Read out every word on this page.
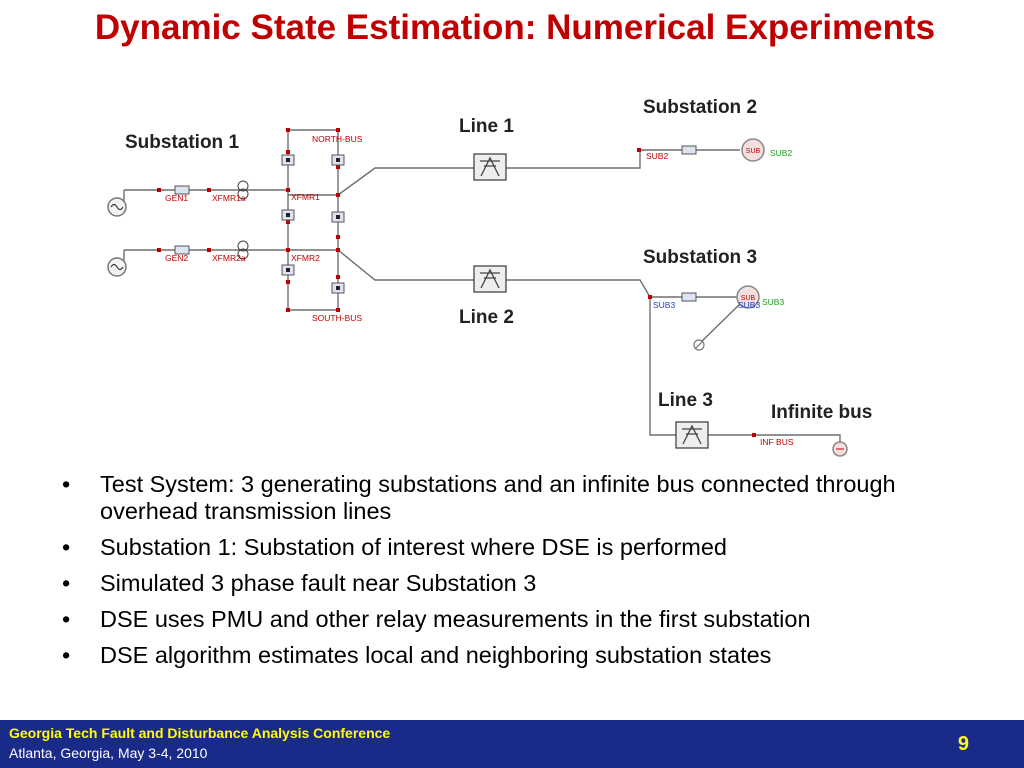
Dynamic State Estimation: Numerical Experiments
SUB
SUB
Substation 1
Substation 2
Substation 3
Line 1
Line 2
Line 3
Infinite bus
NORTH-BUS
SOUTH-BUS
GEN1
GEN2
XFMR1a
XFMR2a
XFMR1
XFMR2
SUB2	SUB2
SUB3	SUB3 SUB3
INF BUS
• Test System: 3 generating substations and an infinite bus connected through overhead transmission lines
• Substation 1: Substation of interest where DSE is performed
• Simulated 3 phase fault near Substation 3
• DSE uses PMU and other relay measurements in the first substation
• DSE algorithm estimates local and neighboring substation states
Georgia Tech Fault and Disturbance Analysis Conference
Atlanta, Georgia, May 3-4, 2010	9
